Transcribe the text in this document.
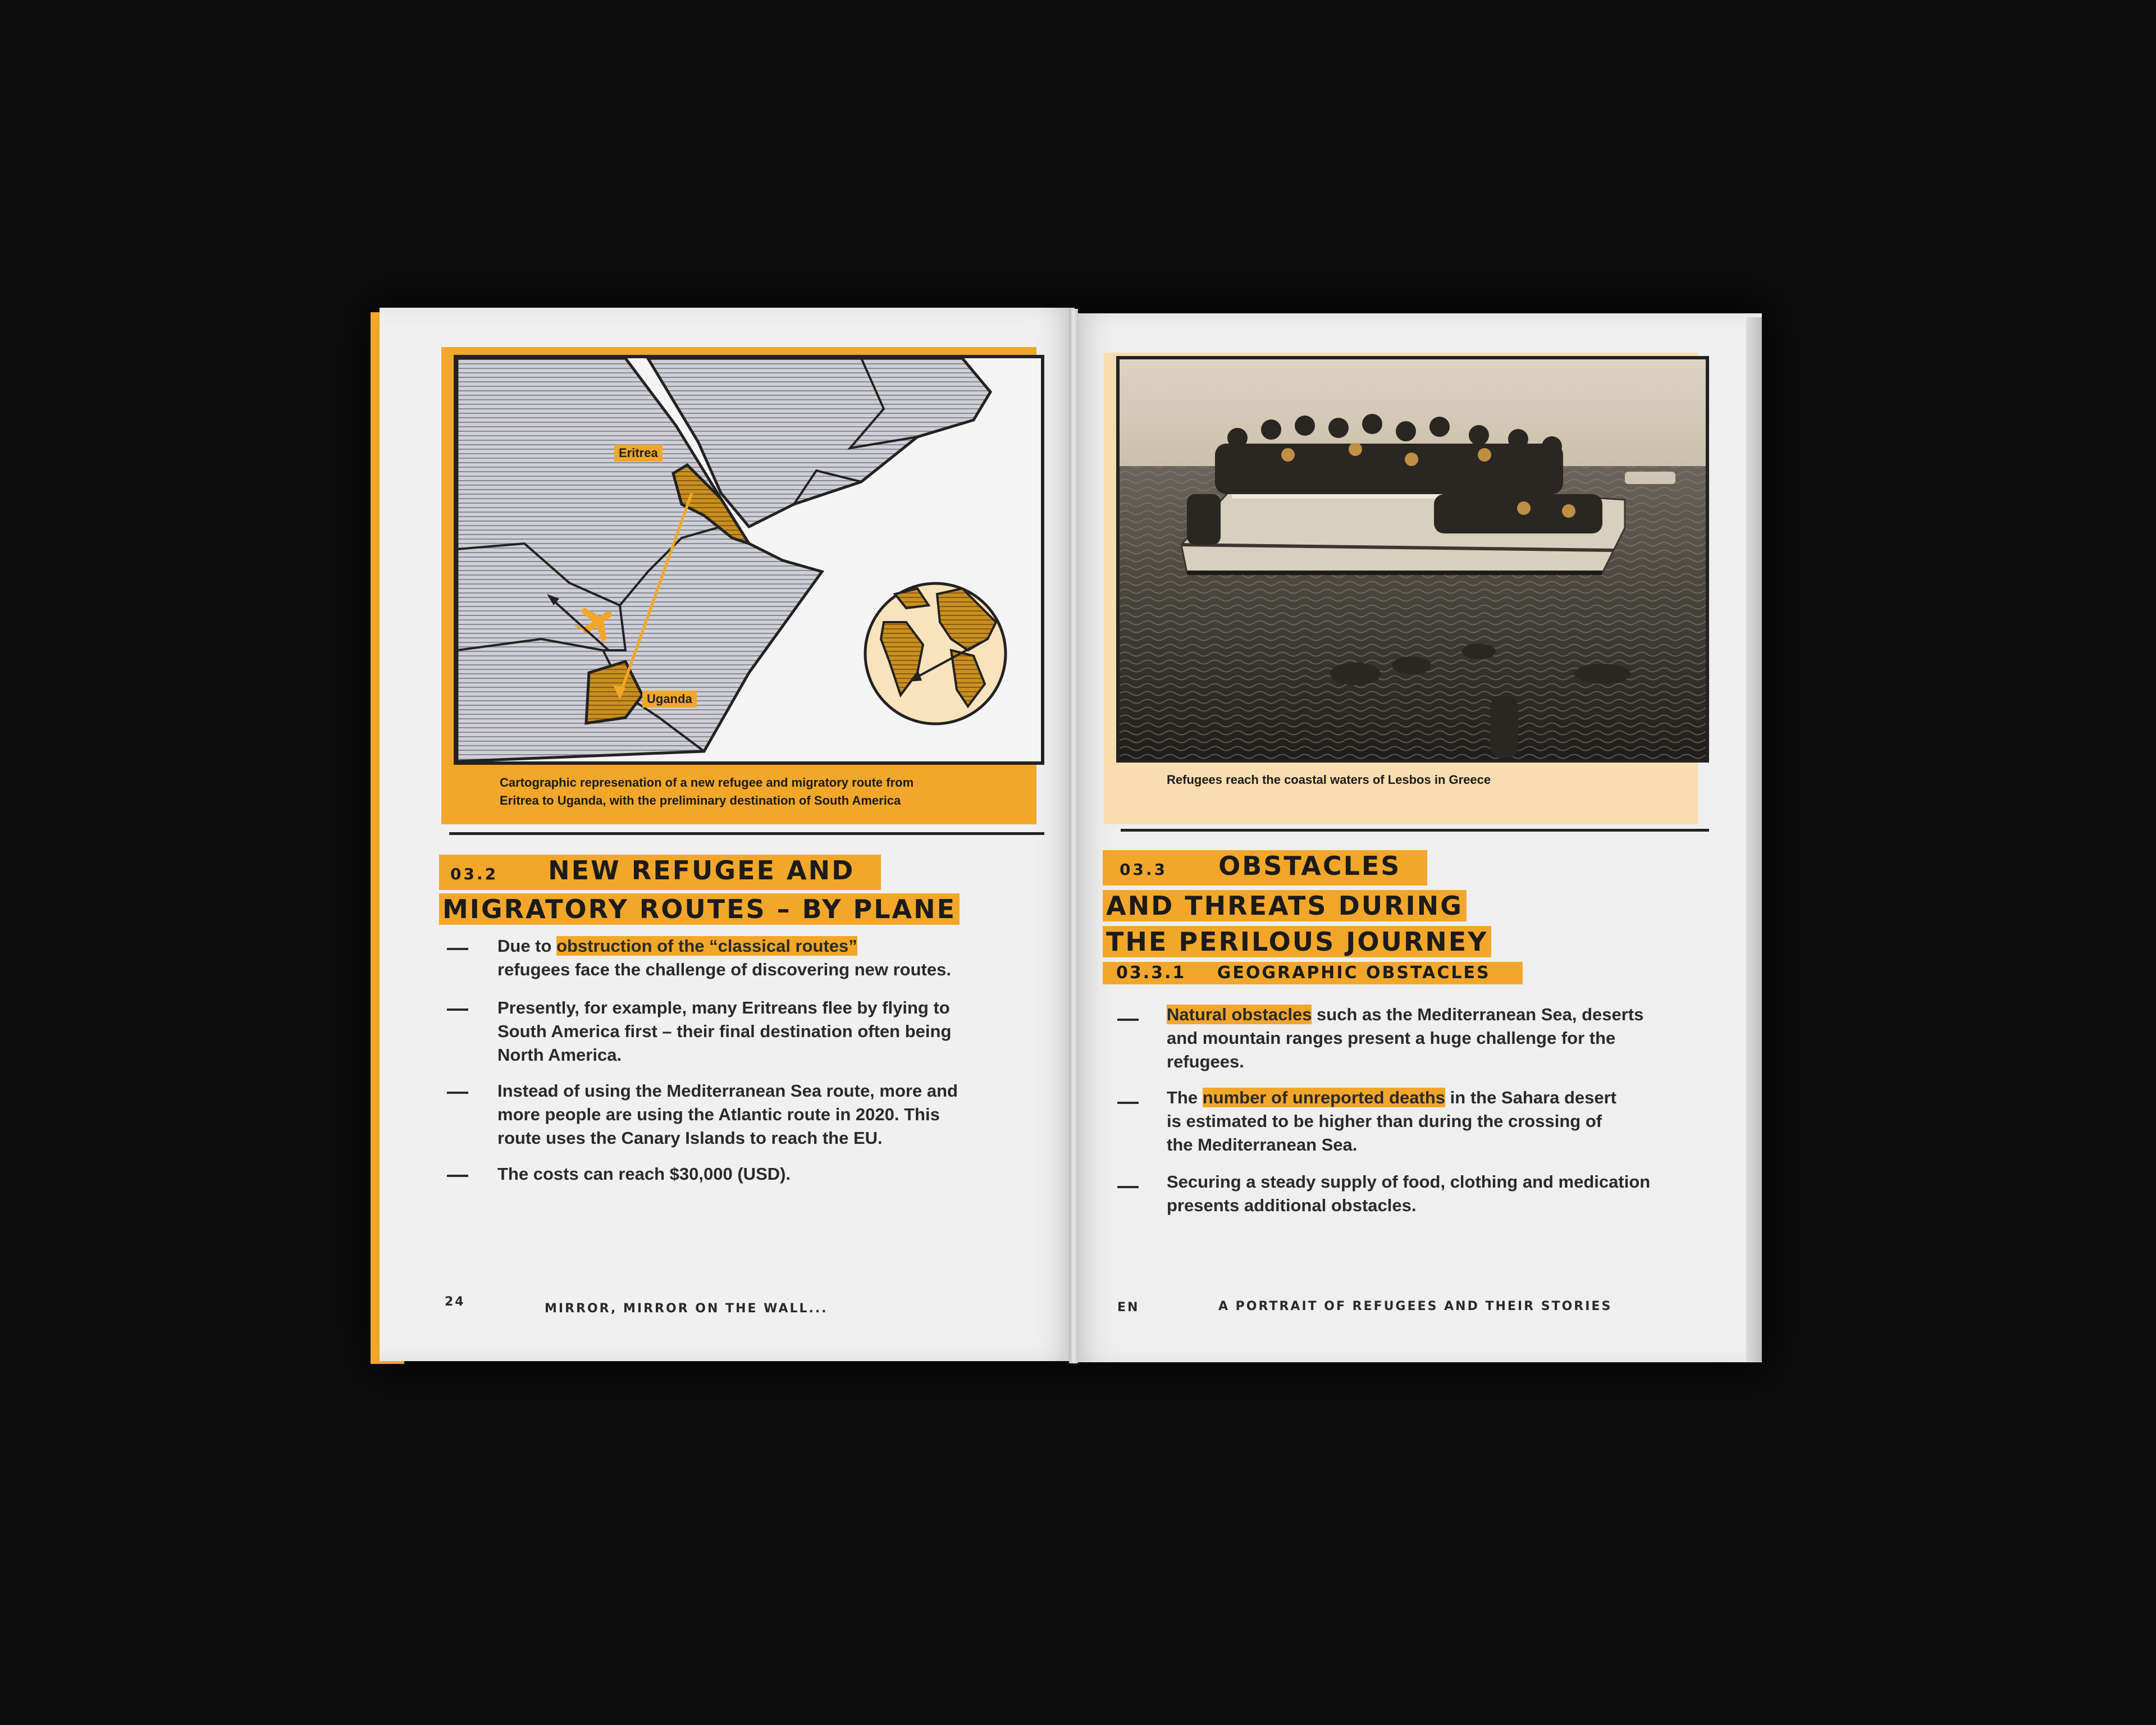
Eritrea
Uganda
Cartographic represenation of a new refugee and migratory route from
Eritrea to Uganda, with the preliminary destination of South America
03.2 NEW REFUGEE AND
MIGRATORY ROUTES – BY PLANE
Due to obstruction of the “classical routes”
refugees face the challenge of discovering new routes.
Presently, for example, many Eritreans flee by flying to
South America first – their final destination often being
North America.
Instead of using the Mediterranean Sea route, more and
more people are using the Atlantic route in 2020. This
route uses the Canary Islands to reach the EU.
The costs can reach $30,000 (USD).
24	MIRROR, MIRROR ON THE WALL...
Refugees reach the coastal waters of Lesbos in Greece
03.3 OBSTACLES
AND THREATS DURING
THE PERILOUS JOURNEY
03.3.1 GEOGRAPHIC OBSTACLES
Natural obstacles such as the Mediterranean Sea, deserts
and mountain ranges present a huge challenge for the
refugees.
The number of unreported deaths in the Sahara desert
is estimated to be higher than during the crossing of
the Mediterranean Sea.
Securing a steady supply of food, clothing and medication
presents additional obstacles.
EN	A PORTRAIT OF REFUGEES AND THEIR STORIES
